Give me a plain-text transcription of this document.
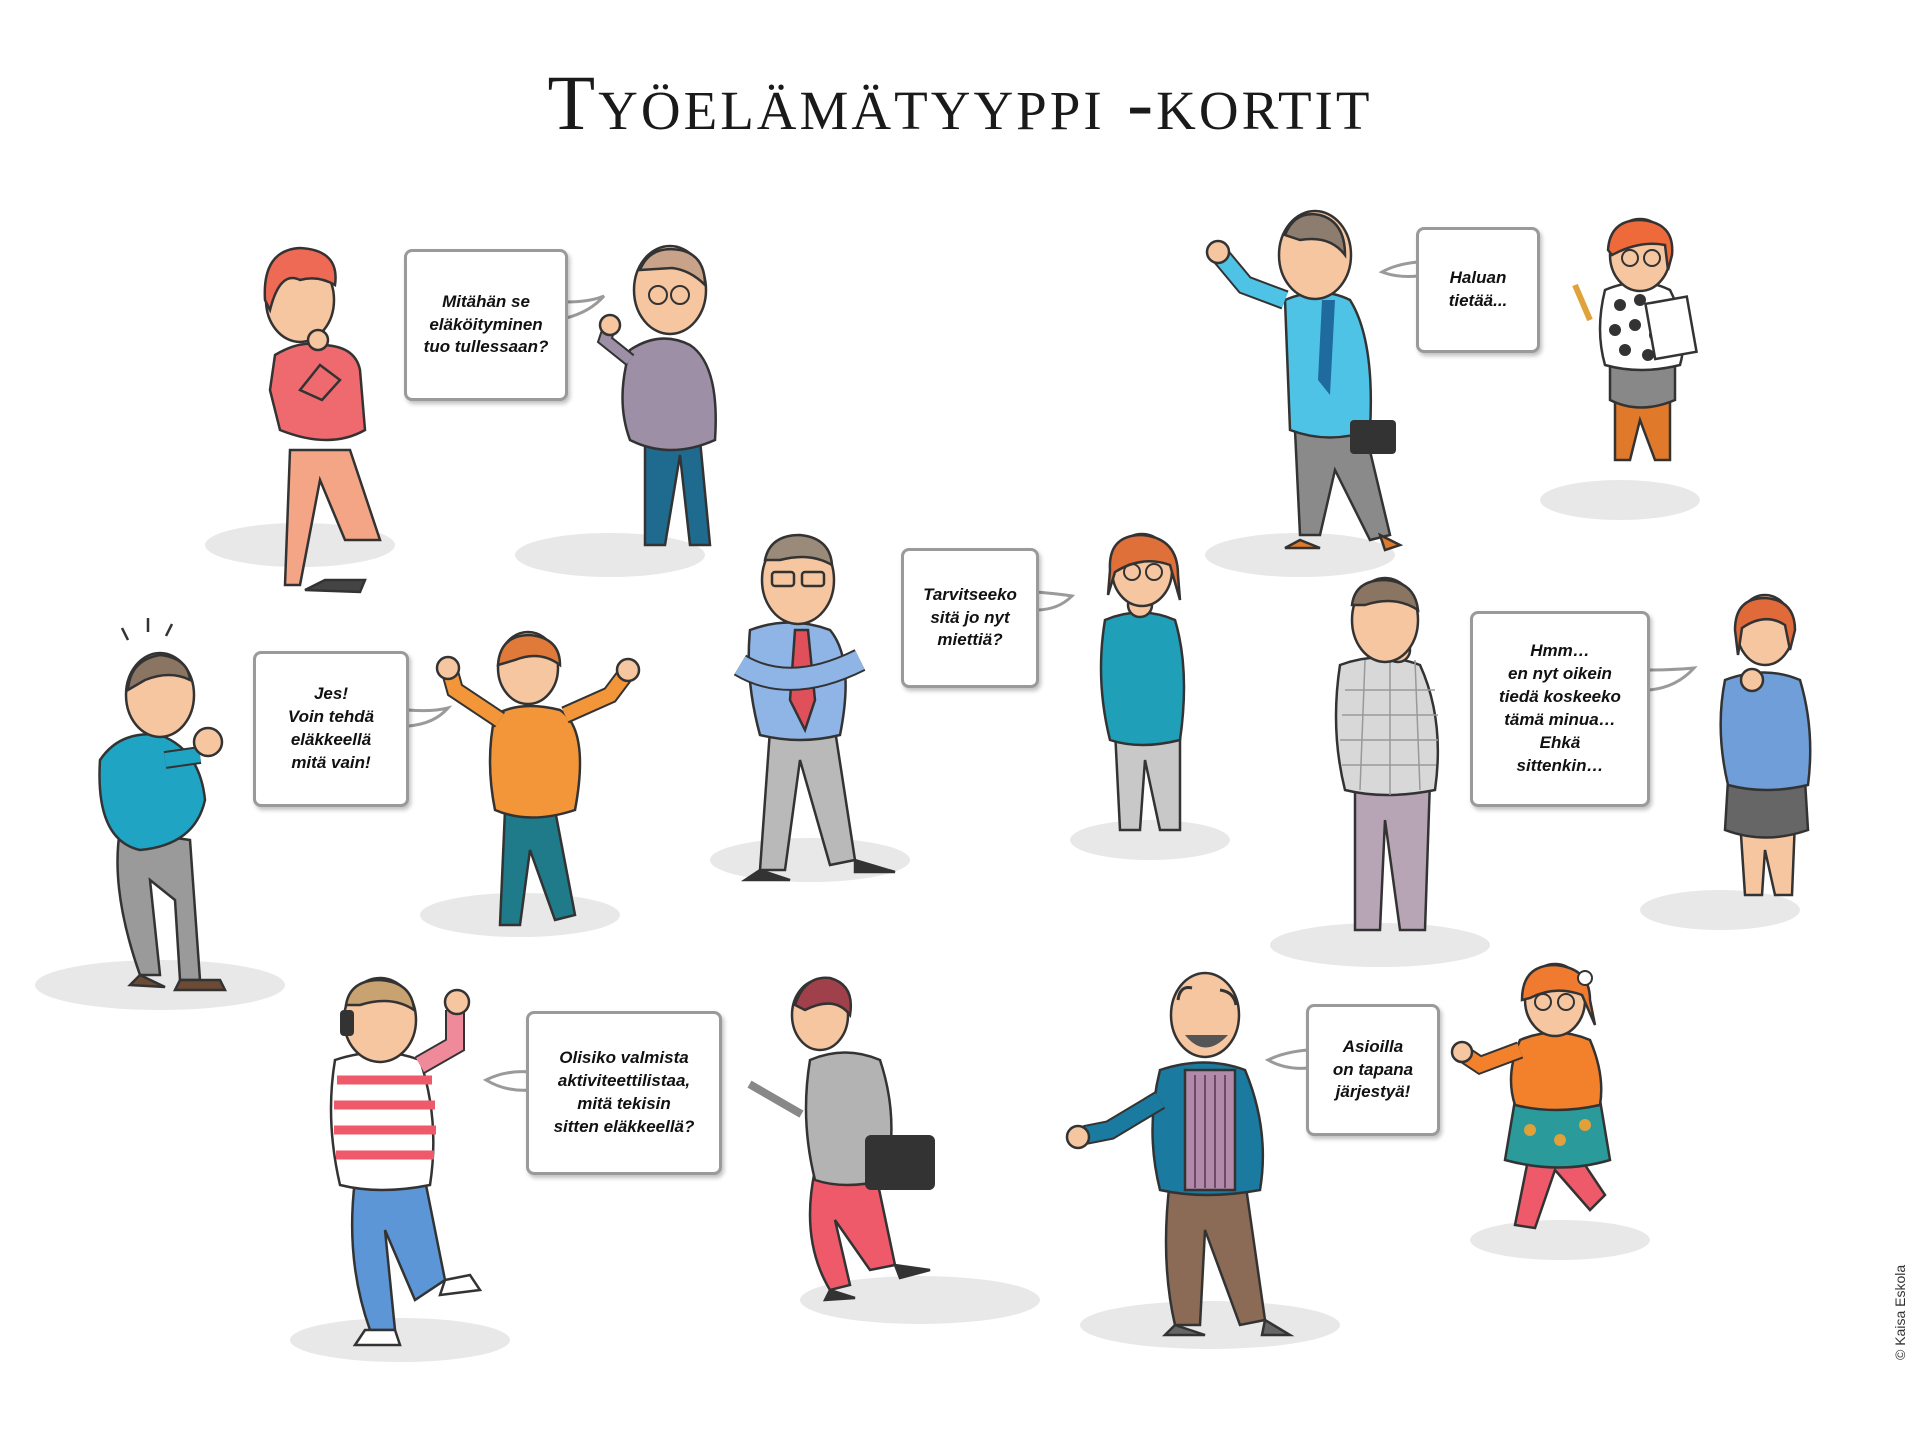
Työelämätyyppi -kortit
Mitähän se
eläköityminen
tuo tullessaan?
Haluan
tietää...
Tarvitseeko
sitä jo nyt
miettiä?
Jes!
Voin tehdä
eläkkeellä
mitä vain!
Hmm…
en nyt oikein
tiedä koskeeko
tämä minua…
Ehkä
sittenkin…
Olisiko valmista
aktiviteettilistaa,
mitä tekisin
sitten eläkkeellä?
Asioilla
on tapana
järjestyä!
© Kaisa Eskola
